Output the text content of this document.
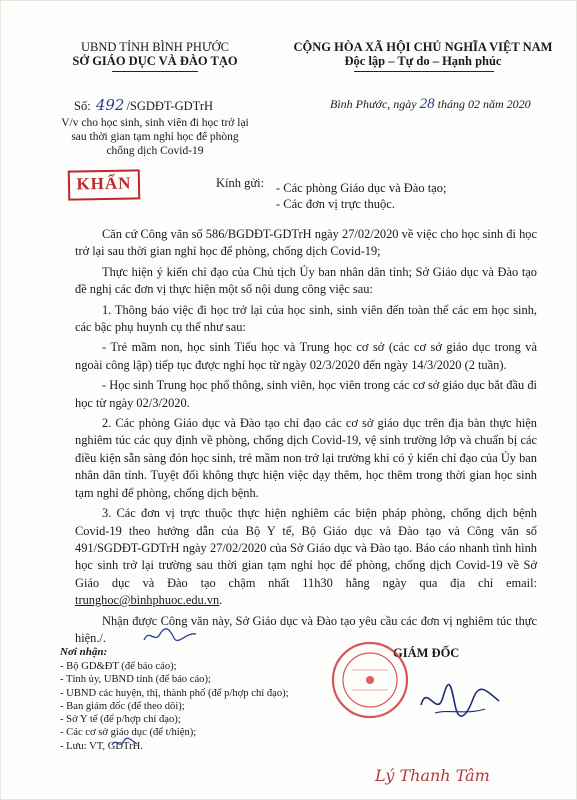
UBND TỈNH BÌNH PHƯỚC
SỞ GIÁO DỤC VÀ ĐÀO TẠO
CỘNG HÒA XÃ HỘI CHỦ NGHĨA VIỆT NAM
Độc lập – Tự do – Hạnh phúc
Số: 492 /SGDĐT-GDTrH	Bình Phước, ngày 28 tháng 02 năm 2020
V/v cho học sinh, sinh viên đi học trở lại sau thời gian tạm nghỉ học để phòng chống dịch Covid-19
KHẨN	Kính gửi: - Các phòng Giáo dục và Đào tạo;
- Các đơn vị trực thuộc.

Căn cứ Công văn số 586/BGDĐT-GDTrH ngày 27/02/2020 về việc cho học sinh đi học trở lại sau thời gian nghỉ học để phòng, chống dịch Covid-19;

Thực hiện ý kiến chỉ đạo của Chủ tịch Ủy ban nhân dân tỉnh; Sở Giáo dục và Đào tạo đề nghị các đơn vị thực hiện một số nội dung công việc sau:

1. Thông báo việc đi học trở lại của học sinh, sinh viên đến toàn thể các em học sinh, các bậc phụ huynh cụ thể như sau:

- Trẻ mầm non, học sinh Tiểu học và Trung học cơ sở (các cơ sở giáo dục trong và ngoài công lập) tiếp tục được nghỉ học từ ngày 02/3/2020 đến ngày 14/3/2020 (2 tuần).

- Học sinh Trung học phổ thông, sinh viên, học viên trong các cơ sở giáo dục bắt đầu đi học từ ngày 02/3/2020.

2. Các phòng Giáo dục và Đào tạo chỉ đạo các cơ sở giáo dục trên địa bàn thực hiện nghiêm túc các quy định về phòng, chống dịch Covid-19, vệ sinh trường lớp và chuẩn bị các điều kiện sẵn sàng đón học sinh, trẻ mầm non trở lại trường khi có ý kiến chỉ đạo của Ủy ban nhân dân tỉnh. Tuyệt đối không thực hiện việc dạy thêm, học thêm trong thời gian học sinh tạm nghỉ để phòng, chống dịch bệnh.

3. Các đơn vị trực thuộc thực hiện nghiêm các biện pháp phòng, chống dịch bệnh Covid-19 theo hướng dẫn của Bộ Y tế, Bộ Giáo dục và Đào tạo và Công văn số 491/SGDĐT-GDTrH ngày 27/02/2020 của Sở Giáo dục và Đào tạo. Báo cáo nhanh tình hình học sinh trở lại trường sau thời gian tạm nghỉ học để phòng, chống dịch Covid-19 về Sở Giáo dục và Đào tạo chậm nhất 11h30 hằng ngày qua địa chỉ email: trunghoc@binhphuoc.edu.vn.

Nhận được Công văn này, Sở Giáo dục và Đào tạo yêu cầu các đơn vị nghiêm túc thực hiện./.

Nơi nhận:
- Bộ GD&ĐT (để báo cáo);
- Tỉnh ủy, UBND tỉnh (để báo cáo);
- UBND các huyện, thị, thành phố (để p/hợp chỉ đạo);
- Ban giám đốc (để theo dõi);
- Sở Y tế (để p/hợp chỉ đạo);
- Các cơ sở giáo dục (để t/hiện);
- Lưu: VT, GDTrH.
GIÁM ĐỐC
Lý Thanh Tâm
